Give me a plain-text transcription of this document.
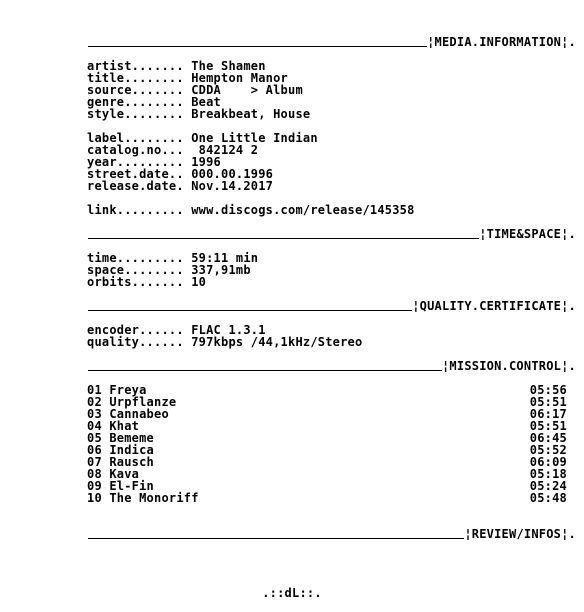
¦MEDIA.INFORMATION¦.
artist....... The Shamen
title........ Hempton Manor
source....... CDDA    > Album
genre........ Beat
style........ Breakbeat, House
label........ One Little Indian
catalog.no...  842124 2
year......... 1996
street.date.. 000.00.1996
release.date. Nov.14.2017
link......... www.discogs.com/release/145358
¦TIME&SPACE¦.
time......... 59:11 min
space........ 337,91mb
orbits....... 10
¦QUALITY.CERTIFICATE¦.
encoder...... FLAC 1.3.1
quality...... 797kbps /44,1kHz/Stereo
¦MISSION.CONTROL¦.
01 Freya	05:56
02 Urpflanze	05:51
03 Cannabeo	06:17
04 Khat	05:51
05 Bememe	06:45
06 Indica	05:52
07 Rausch	06:09
08 Kava	05:18
09 El-Fin	05:24
10 The Monoriff	05:48
¦REVIEW/INFOS¦.
.::dL::.
